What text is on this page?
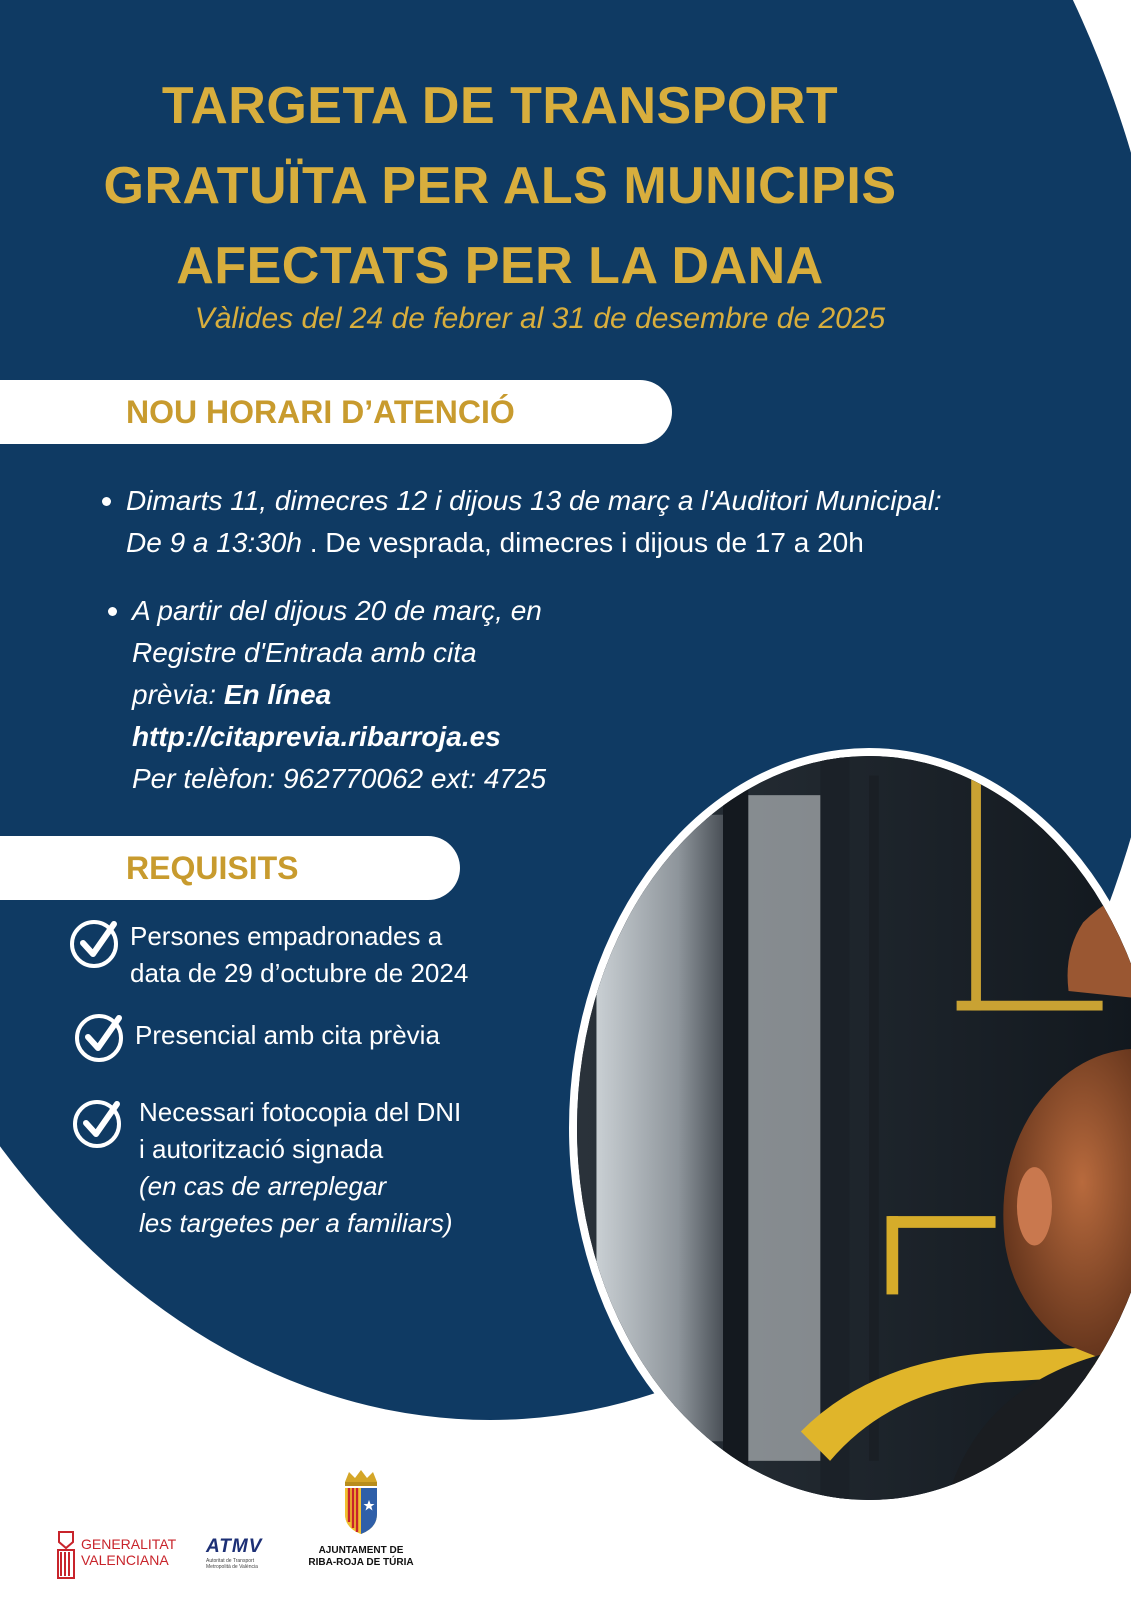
TARGETA DE TRANSPORT
GRATUÏTA PER ALS MUNICIPIS
AFECTATS PER LA DANA
Vàlides del 24 de febrer al 31 de desembre de 2025
NOU HORARI D’ATENCIÓ
Dimarts 11, dimecres 12 i dijous 13 de març a l'Auditori Municipal:
De 9 a 13:30h . De vesprada, dimecres i dijous de 17 a 20h
A partir del dijous 20 de març, en
Registre d'Entrada amb cita
prèvia: En línea
http://citaprevia.ribarroja.es
Per telèfon: 962770062 ext: 4725
REQUISITS
Persones empadronades a
data de 29 d’octubre de 2024
Presencial amb cita prèvia
Necessari fotocopia del DNI
i autorització signada
(en cas de arreplegar
les targetes per a familiars)
GENERALITAT
VALENCIANA
ATMV
Autoritat de Transport
Metropolità de València
AJUNTAMENT DE
RIBA-ROJA DE TÚRIA
